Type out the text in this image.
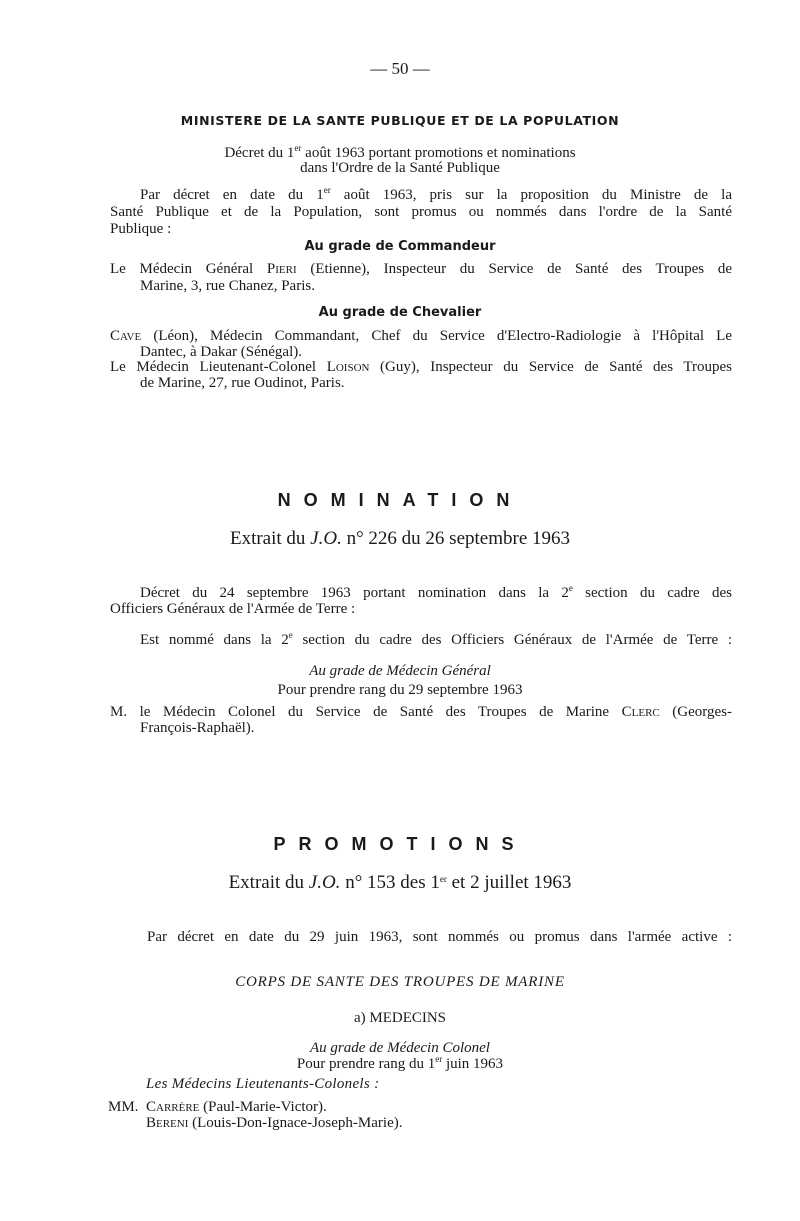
— 50 —
MINISTERE DE LA SANTE PUBLIQUE ET DE LA POPULATION
Décret du 1er août 1963 portant promotions et nominations
dans l'Ordre de la Santé Publique
Par décret en date du 1er août 1963, pris sur la proposition du Ministre de la
Santé Publique et de la Population, sont promus ou nommés dans l'ordre de la Santé
Publique :
Au grade de Commandeur
Le Médecin Général Pieri (Etienne), Inspecteur du Service de Santé des Troupes de
Marine, 3, rue Chanez, Paris.
Au grade de Chevalier
Cave (Léon), Médecin Commandant, Chef du Service d'Electro-Radiologie à l'Hôpital Le
Dantec, à Dakar (Sénégal).
Le Médecin Lieutenant-Colonel Loison (Guy), Inspecteur du Service de Santé des Troupes
de Marine, 27, rue Oudinot, Paris.
NOMINATION
Extrait du J.O. n° 226 du 26 septembre 1963
Décret du 24 septembre 1963 portant nomination dans la 2e section du cadre des
Officiers Généraux de l'Armée de Terre :
Est nommé dans la 2e section du cadre des Officiers Généraux de l'Armée de Terre :
Au grade de Médecin Général
Pour prendre rang du 29 septembre 1963
M. le Médecin Colonel du Service de Santé des Troupes de Marine Clerc (Georges-
François-Raphaël).
PROMOTIONS
Extrait du J.O. n° 153 des 1er et 2 juillet 1963
Par décret en date du 29 juin 1963, sont nommés ou promus dans l'armée active :
CORPS DE SANTE DES TROUPES DE MARINE
a) MEDECINS
Au grade de Médecin Colonel
Pour prendre rang du 1er juin 1963
Les Médecins Lieutenants-Colonels :
MM. Carrère (Paul-Marie-Victor).
Bereni (Louis-Don-Ignace-Joseph-Marie).
